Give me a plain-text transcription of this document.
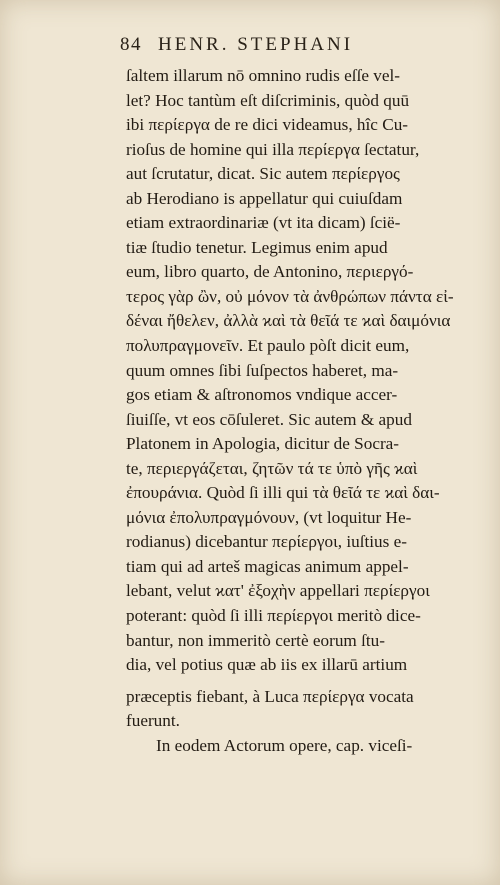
84 HENR. STEPHANI
ſaltem illarum nō omnino rudis eſſe vel-
let? Hoc tantùm eſt diſcriminis, quòd quū
ibi περίεργα de re dici videamus, hîc Cu-
rioſus de homine qui illa περίεργα ſectatur,
aut ſcrutatur, dicat. Sic autem περίεργος
ab Herodiano is appellatur qui cuiuſdam
etiam extraordinariæ (vt ita dicam) ſcië-
tiæ ſtudio tenetur. Legimus enim apud
eum, libro quarto, de Antonino, περιεργό-
τερος γὰρ ὢν, οὐ μόνον τὰ ἀνθρώπων πάντα εἰ-
δέναι ἤθελεν, ἀλλὰ ϰαὶ τὰ θεῖά τε ϰαὶ δαιμόνια
πολυπραγμονεῖν. Et paulo pòſt dicit eum,
quum omnes ſibi ſuſpectos haberet, ma-
gos etiam & aſtronomos vndique accer-
ſiuiſſe, vt eos cōſuleret. Sic autem & apud
Platonem in Apologia, dicitur de Socra-
te, περιεργάζεται, ζητῶν τά τε ὑπὸ γῆς ϰαὶ
ἐπουράνια. Quòd ſi illi qui τὰ θεῖά τε ϰαὶ δαι-
μόνια ἐπολυπραγμόνουν, (vt loquitur He-
rodianus) dicebantur περίεργοι, iuſtius e-
tiam qui ad arteš magicas animum appel-
lebant, velut ϰατ' ἐξοχὴν appellari περίεργοι
poterant: quòd ſi illi περίεργοι meritò dice-
bantur, non immeritò certè eorum ſtu-
dia, vel potius quæ ab iis ex illarū artium
præceptis fiebant, à Luca περίεργα vocata
fuerunt.
In eodem Actorum opere, cap. viceſi-
